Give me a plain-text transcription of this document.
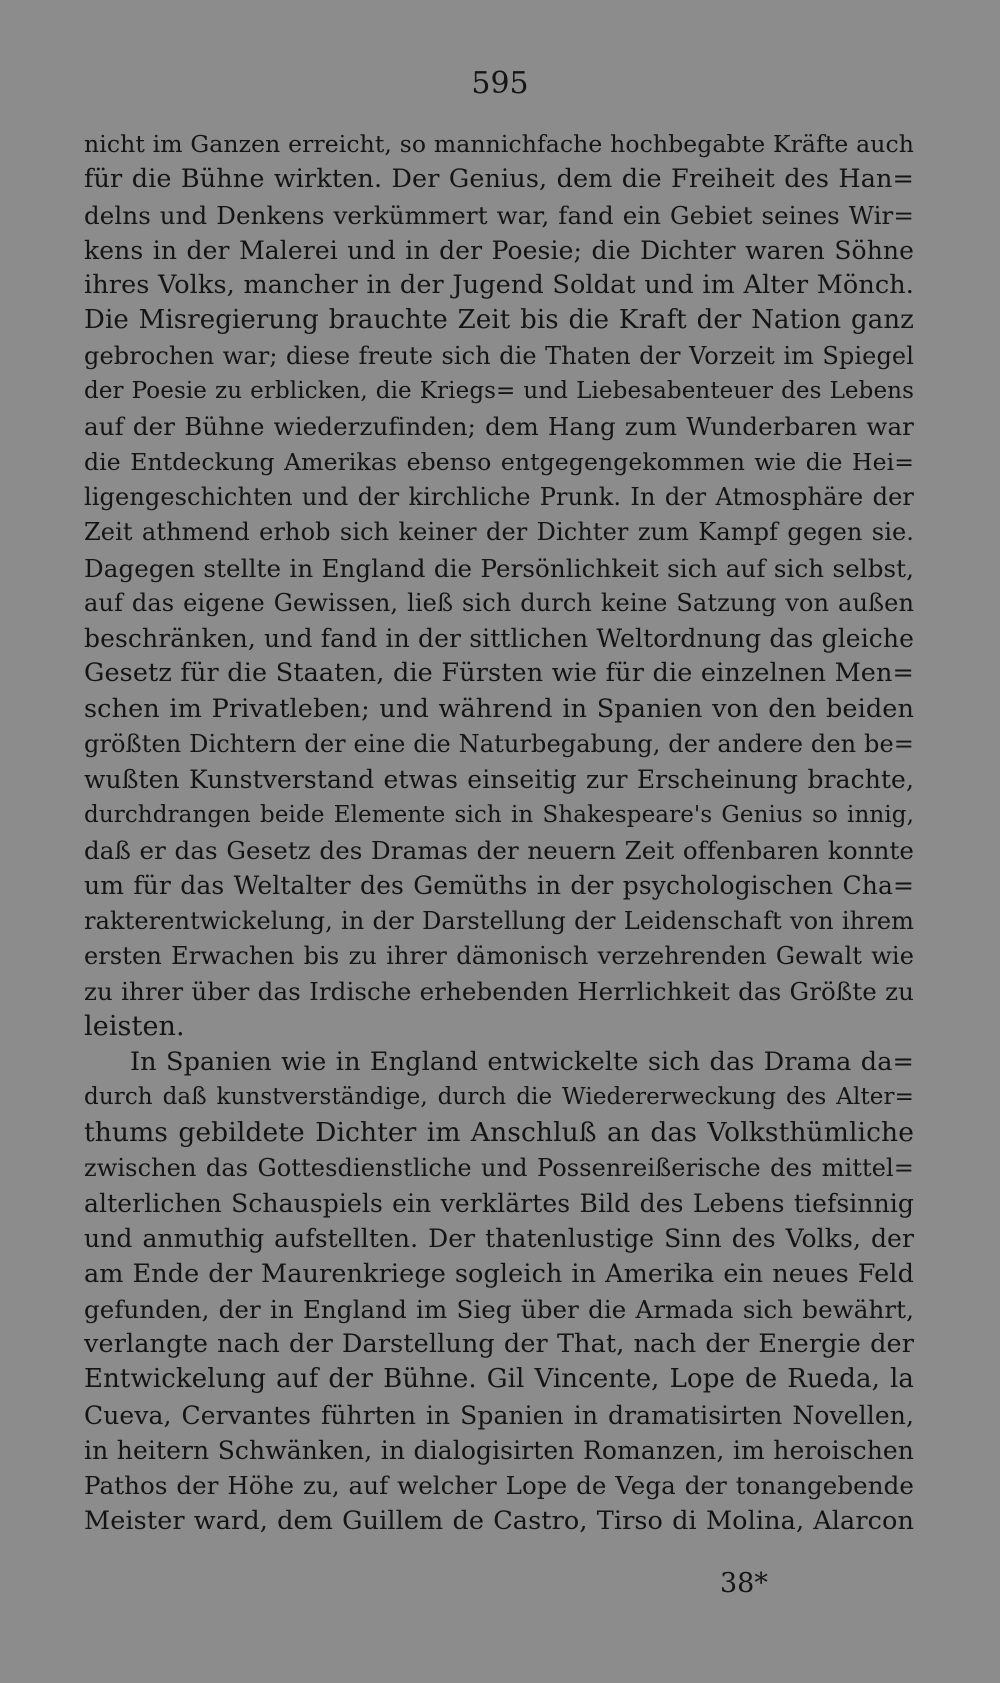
595
nicht im Ganzen erreicht, so mannichfache hochbegabte Kräfte auch
für die Bühne wirkten. Der Genius, dem die Freiheit des Han=
delns und Denkens verkümmert war, fand ein Gebiet seines Wir=
kens in der Malerei und in der Poesie; die Dichter waren Söhne
ihres Volks, mancher in der Jugend Soldat und im Alter Mönch.
Die Misregierung brauchte Zeit bis die Kraft der Nation ganz
gebrochen war; diese freute sich die Thaten der Vorzeit im Spiegel
der Poesie zu erblicken, die Kriegs= und Liebesabenteuer des Lebens
auf der Bühne wiederzufinden; dem Hang zum Wunderbaren war
die Entdeckung Amerikas ebenso entgegengekommen wie die Hei=
ligengeschichten und der kirchliche Prunk. In der Atmosphäre der
Zeit athmend erhob sich keiner der Dichter zum Kampf gegen sie.
Dagegen stellte in England die Persönlichkeit sich auf sich selbst,
auf das eigene Gewissen, ließ sich durch keine Satzung von außen
beschränken, und fand in der sittlichen Weltordnung das gleiche
Gesetz für die Staaten, die Fürsten wie für die einzelnen Men=
schen im Privatleben; und während in Spanien von den beiden
größten Dichtern der eine die Naturbegabung, der andere den be=
wußten Kunstverstand etwas einseitig zur Erscheinung brachte,
durchdrangen beide Elemente sich in Shakespeare's Genius so innig,
daß er das Gesetz des Dramas der neuern Zeit offenbaren konnte
um für das Weltalter des Gemüths in der psychologischen Cha=
rakterentwickelung, in der Darstellung der Leidenschaft von ihrem
ersten Erwachen bis zu ihrer dämonisch verzehrenden Gewalt wie
zu ihrer über das Irdische erhebenden Herrlichkeit das Größte zu
leisten.
In Spanien wie in England entwickelte sich das Drama da=
durch daß kunstverständige, durch die Wiedererweckung des Alter=
thums gebildete Dichter im Anschluß an das Volksthümliche
zwischen das Gottesdienstliche und Possenreißerische des mittel=
alterlichen Schauspiels ein verklärtes Bild des Lebens tiefsinnig
und anmuthig aufstellten. Der thatenlustige Sinn des Volks, der
am Ende der Maurenkriege sogleich in Amerika ein neues Feld
gefunden, der in England im Sieg über die Armada sich bewährt,
verlangte nach der Darstellung der That, nach der Energie der
Entwickelung auf der Bühne. Gil Vincente, Lope de Rueda, la
Cueva, Cervantes führten in Spanien in dramatisirten Novellen,
in heitern Schwänken, in dialogisirten Romanzen, im heroischen
Pathos der Höhe zu, auf welcher Lope de Vega der tonangebende
Meister ward, dem Guillem de Castro, Tirso di Molina, Alarcon
38*
